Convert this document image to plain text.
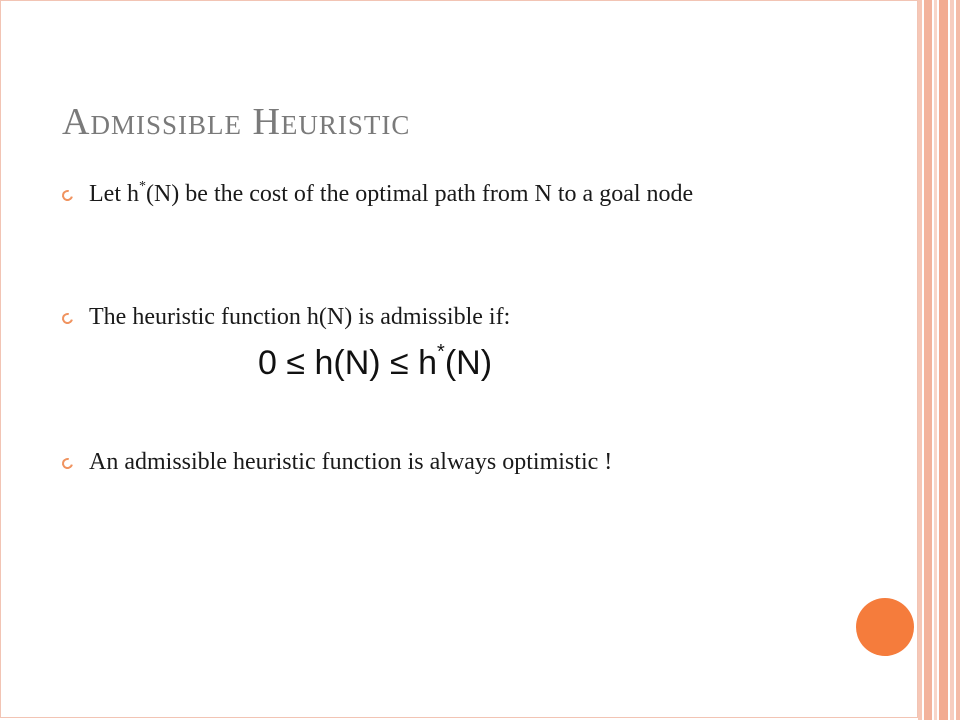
Admissible Heuristic
Let h*(N) be the cost of the optimal path from N to a goal node
The heuristic function h(N) is admissible if:
An admissible heuristic function is always optimistic !
0 ≤ h(N) ≤ h*(N)
